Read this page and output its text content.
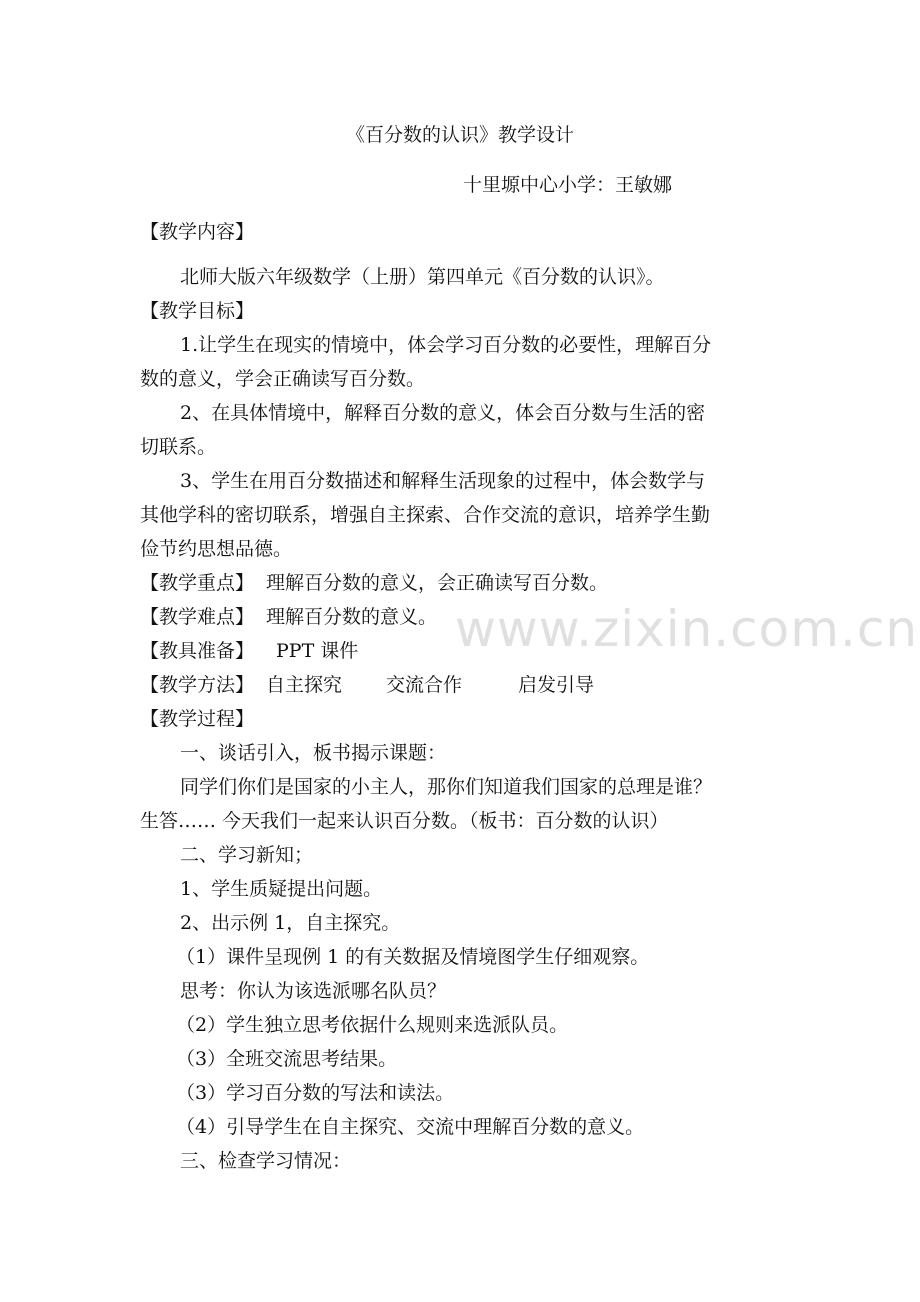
www.zixin.com.cn
《百分数的认识》教学设计
十里塬中心小学：王敏娜
【教学内容】
北师大版六年级数学（上册）第四单元《百分数的认识》。
【教学目标】
1.让学生在现实的情境中，体会学习百分数的必要性，理解百分
数的意义，学会正确读写百分数。
2、在具体情境中，解释百分数的意义，体会百分数与生活的密
切联系。
3、学生在用百分数描述和解释生活现象的过程中，体会数学与
其他学科的密切联系，增强自主探索、合作交流的意识，培养学生勤
俭节约思想品德。
【教学重点】 理解百分数的意义，会正确读写百分数。
【教学难点】 理解百分数的意义。
【教具准备】 PPT 课件
【教学方法】 自主探究 交流合作	启发引导
【教学过程】
一、谈话引入，板书揭示课题：
同学们你们是国家的小主人，那你们知道我们国家的总理是谁？
生答…… 今天我们一起来认识百分数。（板书：百分数的认识）
二、学习新知；
1、学生质疑提出问题。
2、出示例 1，自主探究。
（1）课件呈现例 1 的有关数据及情境图学生仔细观察。
思考：你认为该选派哪名队员？
（2）学生独立思考依据什么规则来选派队员。
（3）全班交流思考结果。
（3）学习百分数的写法和读法。
（4）引导学生在自主探究、交流中理解百分数的意义。
三、检查学习情况：
